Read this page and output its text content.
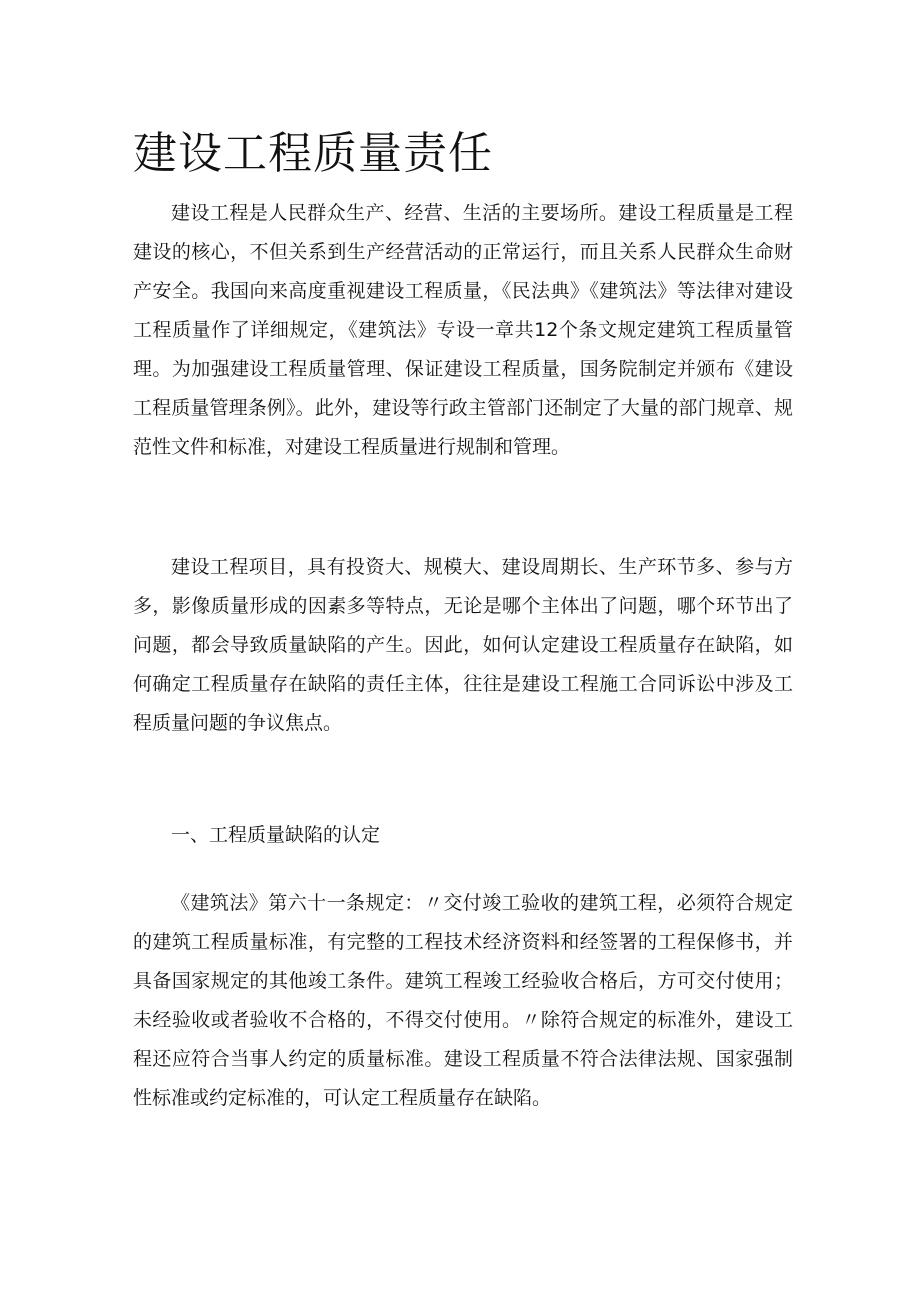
建设工程质量责任

建设工程是人民群众生产、经营、生活的主要场所。建设工程质量是工程建设的核心，不但关系到生产经营活动的正常运行，而且关系人民群众生命财产安全。我国向来高度重视建设工程质量，《民法典》《建筑法》等法律对建设工程质量作了详细规定，《建筑法》专设一章共12个条文规定建筑工程质量管理。为加强建设工程质量管理、保证建设工程质量，国务院制定并颁布《建设工程质量管理条例》。此外，建设等行政主管部门还制定了大量的部门规章、规范性文件和标准，对建设工程质量进行规制和管理。

建设工程项目，具有投资大、规模大、建设周期长、生产环节多、参与方多，影像质量形成的因素多等特点，无论是哪个主体出了问题，哪个环节出了问题，都会导致质量缺陷的产生。因此，如何认定建设工程质量存在缺陷，如何确定工程质量存在缺陷的责任主体，往往是建设工程施工合同诉讼中涉及工程质量问题的争议焦点。

一、工程质量缺陷的认定

《建筑法》第六十一条规定：〃交付竣工验收的建筑工程，必须符合规定的建筑工程质量标准，有完整的工程技术经济资料和经签署的工程保修书，并具备国家规定的其他竣工条件。建筑工程竣工经验收合格后，方可交付使用；未经验收或者验收不合格的，不得交付使用。〃除符合规定的标准外，建设工程还应符合当事人约定的质量标准。建设工程质量不符合法律法规、国家强制性标准或约定标准的，可认定工程质量存在缺陷。
